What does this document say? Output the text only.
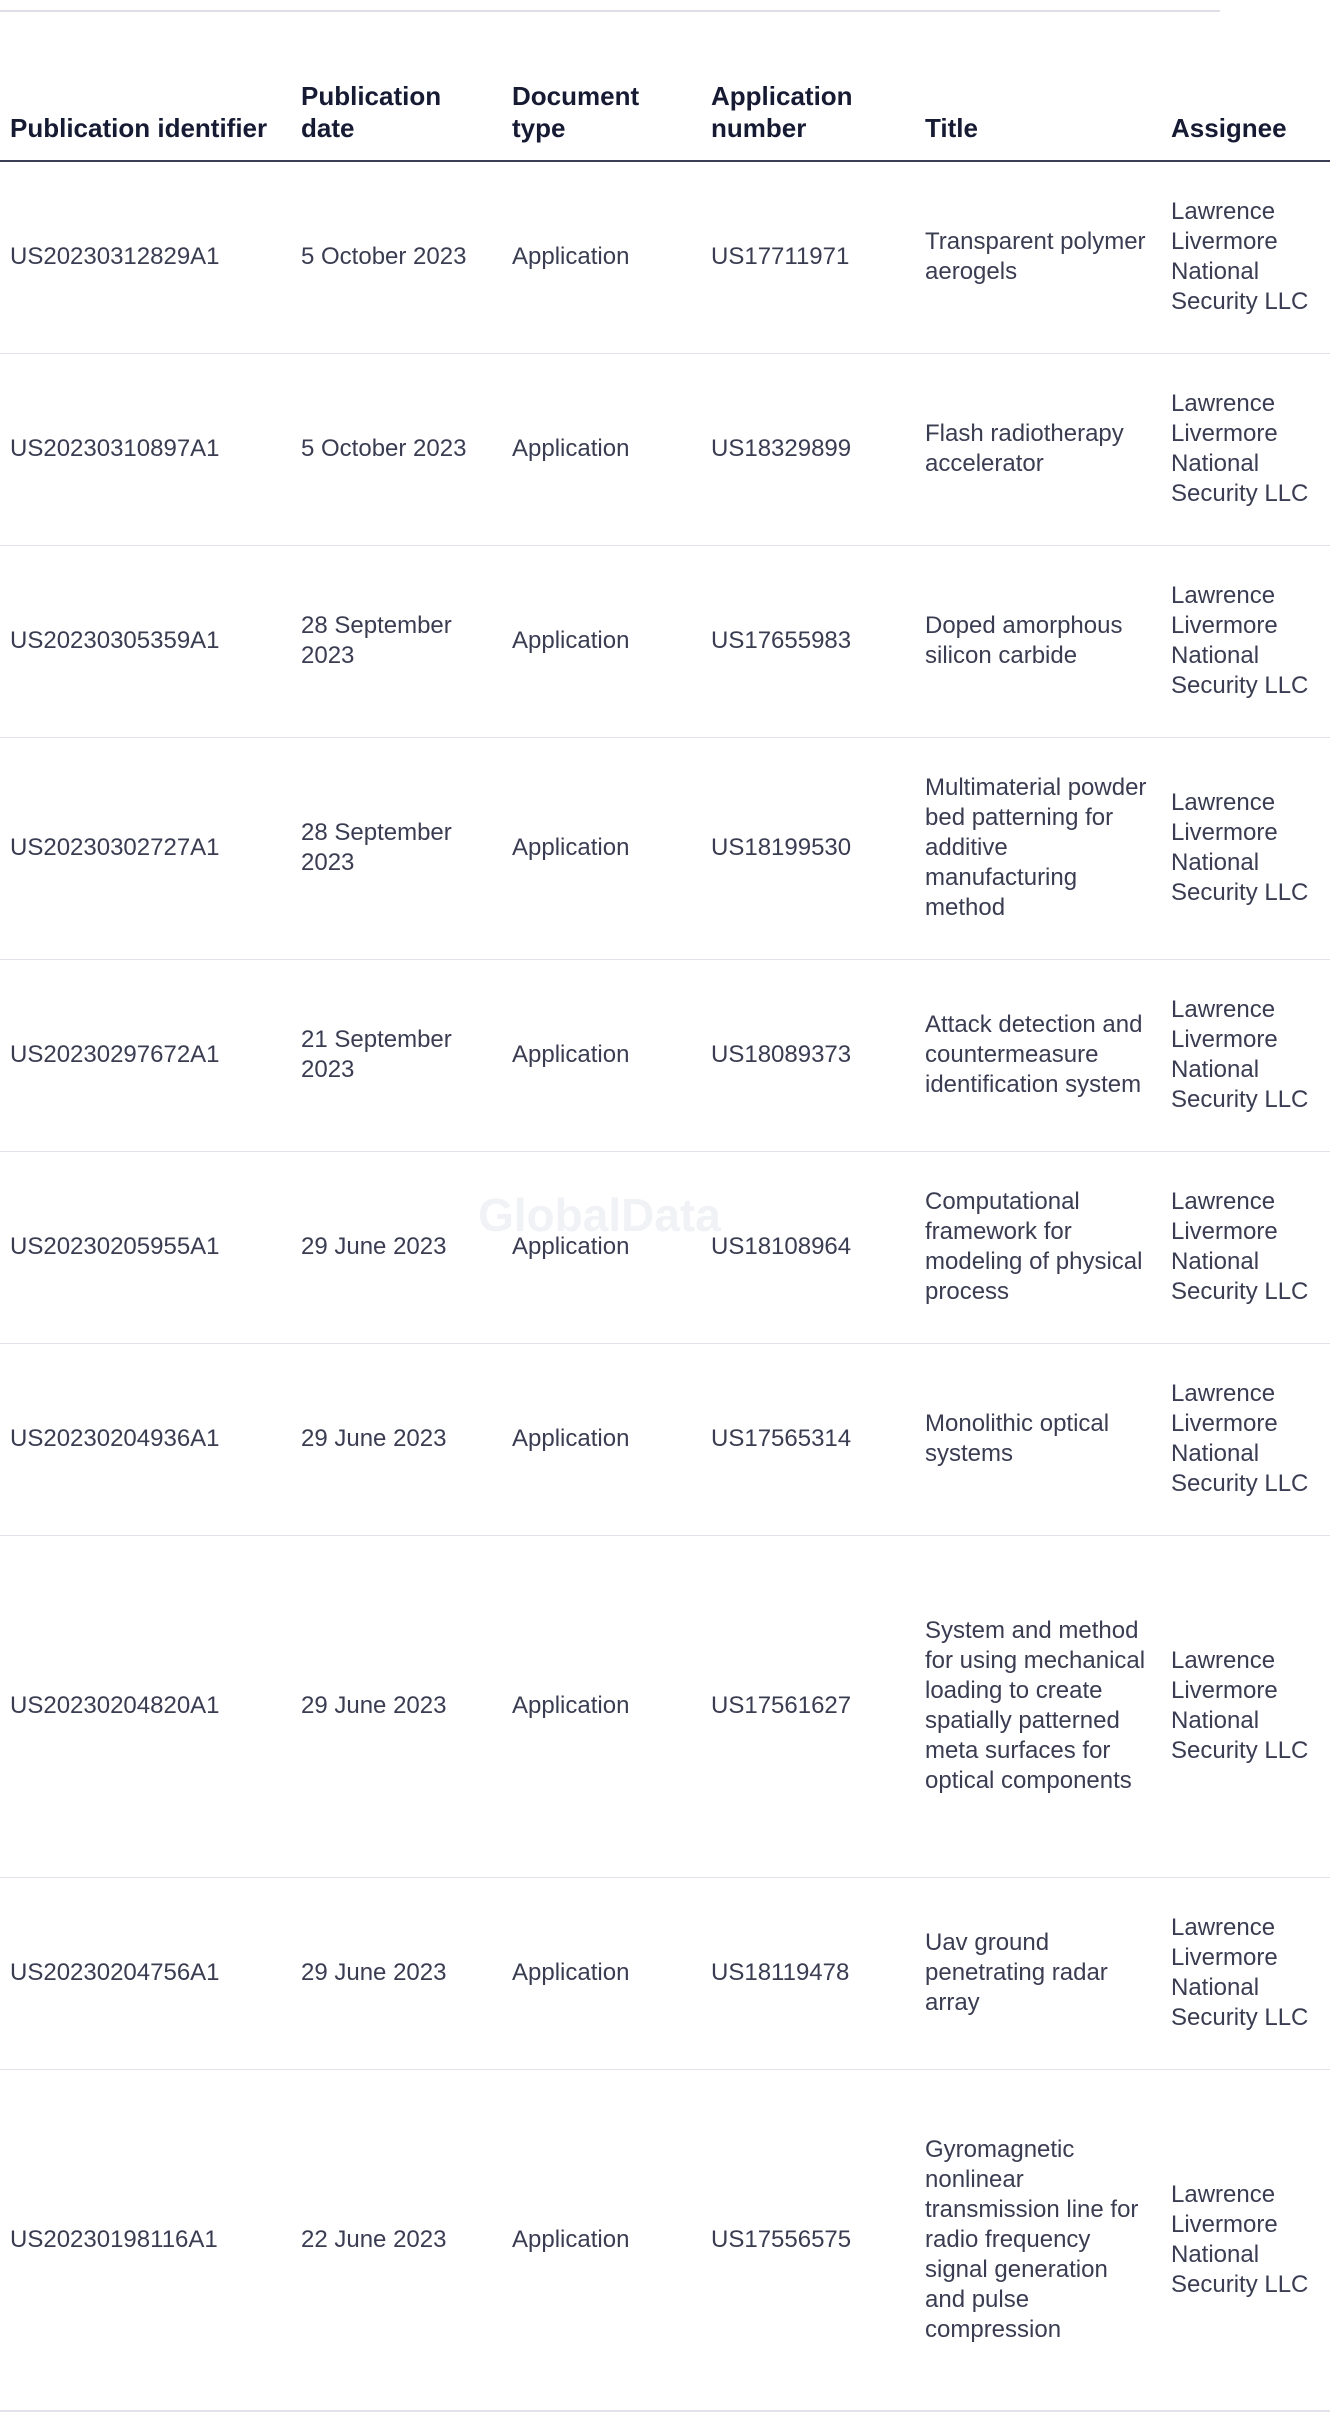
Publication identifier	Publication date	Document type	Application number	Title	Assignee
US20230312829A1	5 October 2023	Application	US17711971	Transparent polymer aerogels	Lawrence Livermore National Security LLC
US20230310897A1	5 October 2023	Application	US18329899	Flash radiotherapy accelerator	Lawrence Livermore National Security LLC
US20230305359A1	28 September 2023	Application	US17655983	Doped amorphous silicon carbide	Lawrence Livermore National Security LLC
US20230302727A1	28 September 2023	Application	US18199530	Multimaterial powder bed patterning for additive manufacturing method	Lawrence Livermore National Security LLC
US20230297672A1	21 September 2023	Application	US18089373	Attack detection and countermeasure identification system	Lawrence Livermore National Security LLC
US20230205955A1	29 June 2023	Application	US18108964	Computational framework for modeling of physical process	Lawrence Livermore National Security LLC
US20230204936A1	29 June 2023	Application	US17565314	Monolithic optical systems	Lawrence Livermore National Security LLC
US20230204820A1	29 June 2023	Application	US17561627	System and method for using mechanical loading to create spatially patterned meta surfaces for optical components	Lawrence Livermore National Security LLC
US20230204756A1	29 June 2023	Application	US18119478	Uav ground penetrating radar array	Lawrence Livermore National Security LLC
US20230198116A1	22 June 2023	Application	US17556575	Gyromagnetic nonlinear transmission line for radio frequency signal generation and pulse compression	Lawrence Livermore National Security LLC
GlobalData
